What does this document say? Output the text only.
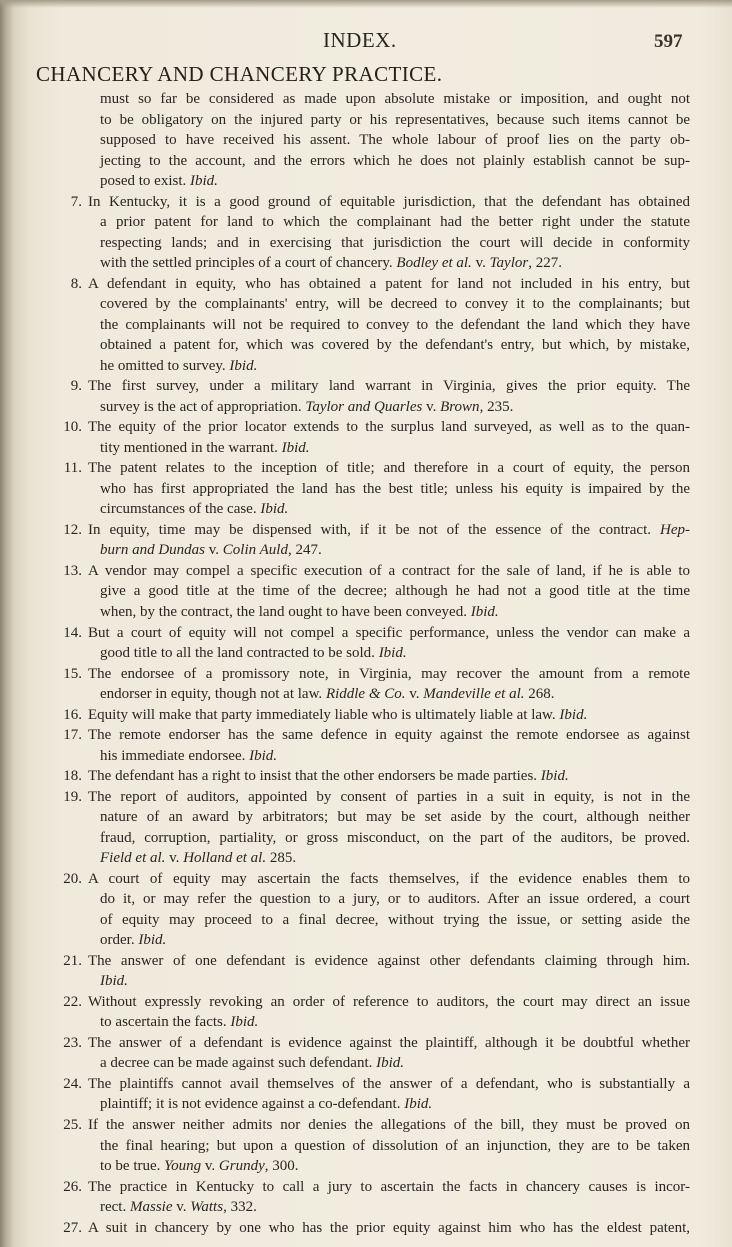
INDEX.	597
CHANCERY AND CHANCERY PRACTICE.
must so far be considered as made upon absolute mistake or imposition, and ought not
to be obligatory on the injured party or his representatives, because such items cannot be
supposed to have received his assent. The whole labour of proof lies on the party ob-
jecting to the account, and the errors which he does not plainly establish cannot be sup-
posed to exist. Ibid.
7. In Kentucky, it is a good ground of equitable jurisdiction, that the defendant has obtained
a prior patent for land to which the complainant had the better right under the statute
respecting lands; and in exercising that jurisdiction the court will decide in conformity
with the settled principles of a court of chancery. Bodley et al. v. Taylor, 227.
8. A defendant in equity, who has obtained a patent for land not included in his entry, but
covered by the complainants' entry, will be decreed to convey it to the complainants; but
the complainants will not be required to convey to the defendant the land which they have
obtained a patent for, which was covered by the defendant's entry, but which, by mistake,
he omitted to survey. Ibid.
9. The first survey, under a military land warrant in Virginia, gives the prior equity. The
survey is the act of appropriation. Taylor and Quarles v. Brown, 235.
10. The equity of the prior locator extends to the surplus land surveyed, as well as to the quan-
tity mentioned in the warrant. Ibid.
11. The patent relates to the inception of title; and therefore in a court of equity, the person
who has first appropriated the land has the best title; unless his equity is impaired by the
circumstances of the case. Ibid.
12. In equity, time may be dispensed with, if it be not of the essence of the contract. Hep-
burn and Dundas v. Colin Auld, 247.
13. A vendor may compel a specific execution of a contract for the sale of land, if he is able to
give a good title at the time of the decree; although he had not a good title at the time
when, by the contract, the land ought to have been conveyed. Ibid.
14. But a court of equity will not compel a specific performance, unless the vendor can make a
good title to all the land contracted to be sold. Ibid.
15. The endorsee of a promissory note, in Virginia, may recover the amount from a remote
endorser in equity, though not at law. Riddle & Co. v. Mandeville et al. 268.
16. Equity will make that party immediately liable who is ultimately liable at law. Ibid.
17. The remote endorser has the same defence in equity against the remote endorsee as against
his immediate endorsee. Ibid.
18. The defendant has a right to insist that the other endorsers be made parties. Ibid.
19. The report of auditors, appointed by consent of parties in a suit in equity, is not in the
nature of an award by arbitrators; but may be set aside by the court, although neither
fraud, corruption, partiality, or gross misconduct, on the part of the auditors, be proved.
Field et al. v. Holland et al. 285.
20. A court of equity may ascertain the facts themselves, if the evidence enables them to
do it, or may refer the question to a jury, or to auditors. After an issue ordered, a court
of equity may proceed to a final decree, without trying the issue, or setting aside the
order. Ibid.
21. The answer of one defendant is evidence against other defendants claiming through him.
Ibid.
22. Without expressly revoking an order of reference to auditors, the court may direct an issue
to ascertain the facts. Ibid.
23. The answer of a defendant is evidence against the plaintiff, although it be doubtful whether
a decree can be made against such defendant. Ibid.
24. The plaintiffs cannot avail themselves of the answer of a defendant, who is substantially a
plaintiff; it is not evidence against a co-defendant. Ibid.
25. If the answer neither admits nor denies the allegations of the bill, they must be proved on
the final hearing; but upon a question of dissolution of an injunction, they are to be taken
to be true. Young v. Grundy, 300.
26. The practice in Kentucky to call a jury to ascertain the facts in chancery causes is incor-
rect. Massie v. Watts, 332.
27. A suit in chancery by one who has the prior equity against him who has the eldest patent,
